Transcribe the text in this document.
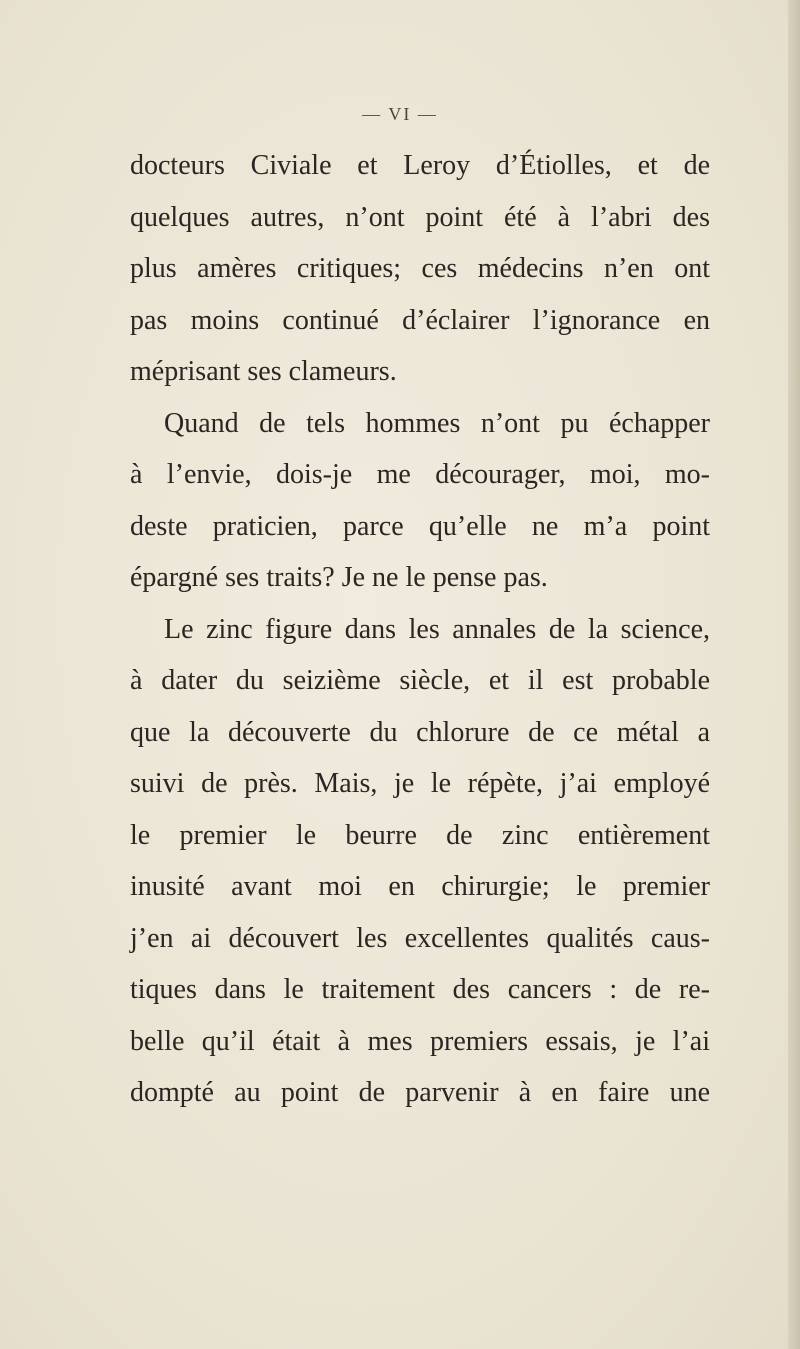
— VI —
docteurs Civiale et Leroy d’Étiolles, et de
quelques autres, n’ont point été à l’abri des
plus amères critiques; ces médecins n’en ont
pas moins continué d’éclairer l’ignorance en
méprisant ses clameurs.
Quand de tels hommes n’ont pu échapper
à l’envie, dois-je me décourager, moi, mo-
deste praticien, parce qu’elle ne m’a point
épargné ses traits? Je ne le pense pas.
Le zinc figure dans les annales de la science,
à dater du seizième siècle, et il est probable
que la découverte du chlorure de ce métal a
suivi de près. Mais, je le répète, j’ai employé
le premier le beurre de zinc entièrement
inusité avant moi en chirurgie; le premier
j’en ai découvert les excellentes qualités caus-
tiques dans le traitement des cancers : de re-
belle qu’il était à mes premiers essais, je l’ai
dompté au point de parvenir à en faire une
